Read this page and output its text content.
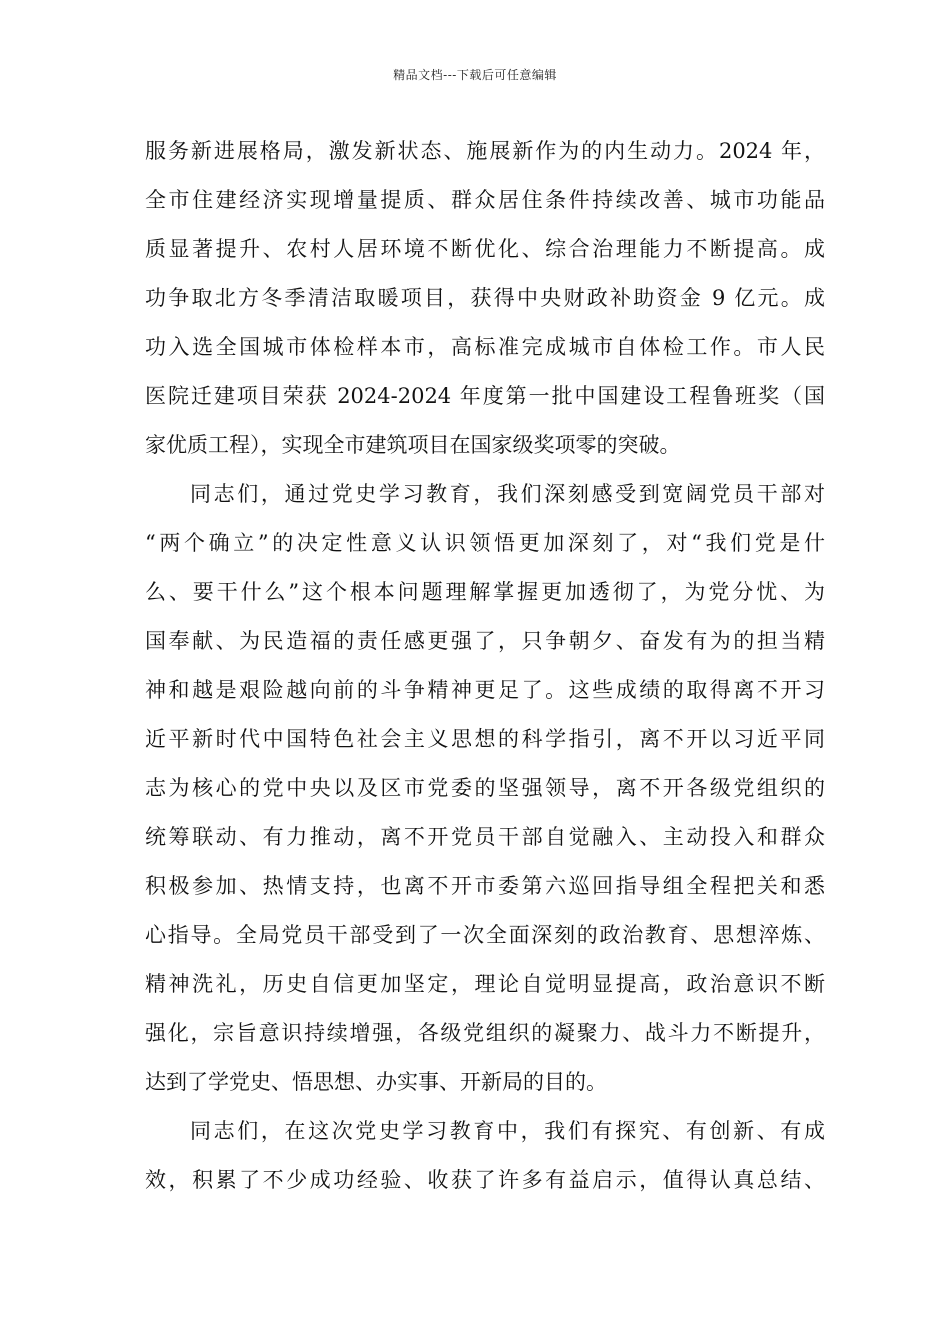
精品文档---下载后可任意编辑
服务新进展格局，激发新状态、施展新作为的内生动力。2024 年，
全市住建经济实现增量提质、群众居住条件持续改善、城市功能品
质显著提升、农村人居环境不断优化、综合治理能力不断提高。成
功争取北方冬季清洁取暖项目，获得中央财政补助资金 9 亿元。成
功入选全国城市体检样本市，高标准完成城市自体检工作。市人民
医院迁建项目荣获 2024-2024 年度第一批中国建设工程鲁班奖（国
家优质工程），实现全市建筑项目在国家级奖项零的突破。
同志们，通过党史学习教育，我们深刻感受到宽阔党员干部对
“两个确立”的决定性意义认识领悟更加深刻了，对“我们党是什
么、要干什么”这个根本问题理解掌握更加透彻了，为党分忧、为
国奉献、为民造福的责任感更强了，只争朝夕、奋发有为的担当精
神和越是艰险越向前的斗争精神更足了。这些成绩的取得离不开习
近平新时代中国特色社会主义思想的科学指引，离不开以习近平同
志为核心的党中央以及区市党委的坚强领导，离不开各级党组织的
统筹联动、有力推动，离不开党员干部自觉融入、主动投入和群众
积极参加、热情支持，也离不开市委第六巡回指导组全程把关和悉
心指导。全局党员干部受到了一次全面深刻的政治教育、思想淬炼、
精神洗礼，历史自信更加坚定，理论自觉明显提高，政治意识不断
强化，宗旨意识持续增强，各级党组织的凝聚力、战斗力不断提升，
达到了学党史、悟思想、办实事、开新局的目的。
同志们，在这次党史学习教育中，我们有探究、有创新、有成
效，积累了不少成功经验、收获了许多有益启示，值得认真总结、
